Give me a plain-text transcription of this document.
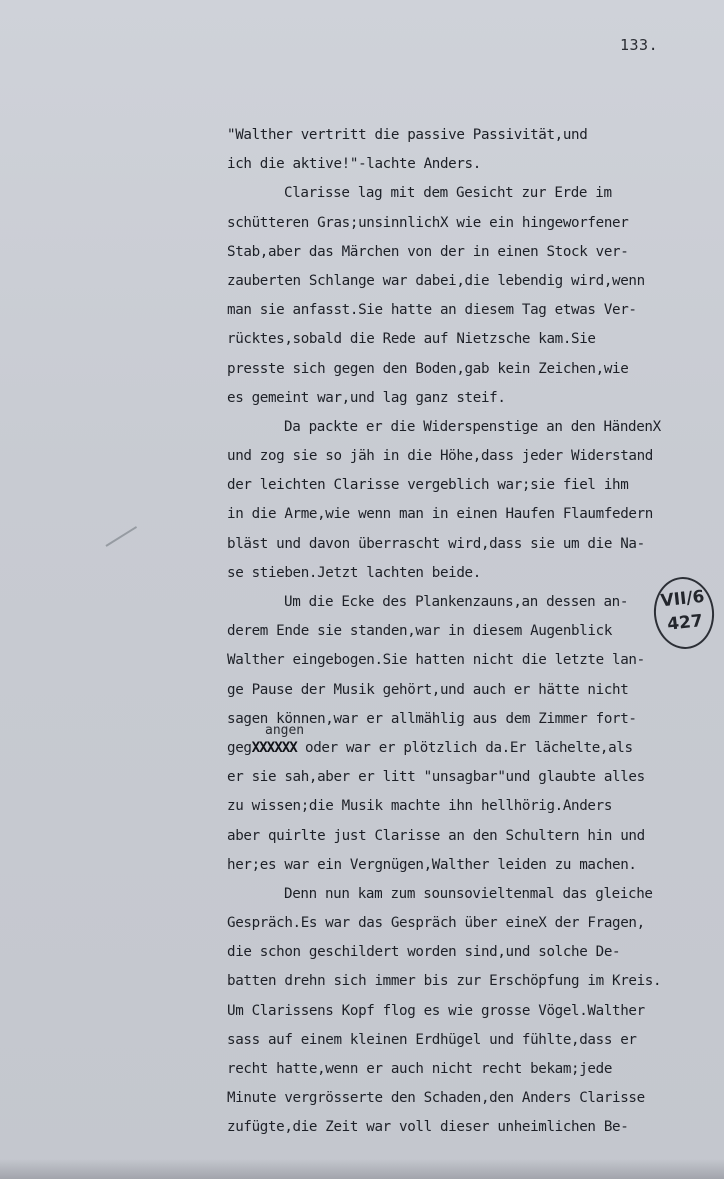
133.
VII/6
427
angen
"Walther vertritt die passive Passivität,und
ich die aktive!"-lachte Anders.
Clarisse lag mit dem Gesicht zur Erde im
schütteren Gras;unsinnlichX wie ein hingeworfener
Stab,aber das Märchen von der in einen Stock ver-
zauberten Schlange war dabei,die lebendig wird,wenn
man sie anfasst.Sie hatte an diesem Tag etwas Ver-
rücktes,sobald die Rede auf Nietzsche kam.Sie
presste sich gegen den Boden,gab kein Zeichen,wie
es gemeint war,und lag ganz steif.
Da packte er die Widerspenstige an den HändenX
und zog sie so jäh in die Höhe,dass jeder Widerstand
der leichten Clarisse vergeblich war;sie fiel ihm
in die Arme,wie wenn man in einen Haufen Flaumfedern
bläst und davon überrascht wird,dass sie um die Na-
se stieben.Jetzt lachten beide.
Um die Ecke des Plankenzauns,an dessen an-
derem Ende sie standen,war in diesem Augenblick
Walther eingebogen.Sie hatten nicht die letzte lan-
ge Pause der Musik gehört,und auch er hätte nicht
sagen können,war er allmählig aus dem Zimmer fort-
gegXXXXXX oder war er plötzlich da.Er lächelte,als
er sie sah,aber er litt "unsagbar"und glaubte alles
zu wissen;die Musik machte ihn hellhörig.Anders
aber quirlte just Clarisse an den Schultern hin und
her;es war ein Vergnügen,Walther leiden zu machen.
Denn nun kam zum sounsovieltenmal das gleiche
Gespräch.Es war das Gespräch über eineX der Fragen,
die schon geschildert worden sind,und solche De-
batten drehn sich immer bis zur Erschöpfung im Kreis.
Um Clarissens Kopf flog es wie grosse Vögel.Walther
sass auf einem kleinen Erdhügel und fühlte,dass er
recht hatte,wenn er auch nicht recht bekam;jede
Minute vergrösserte den Schaden,den Anders Clarisse
zufügte,die Zeit war voll dieser unheimlichen Be-
